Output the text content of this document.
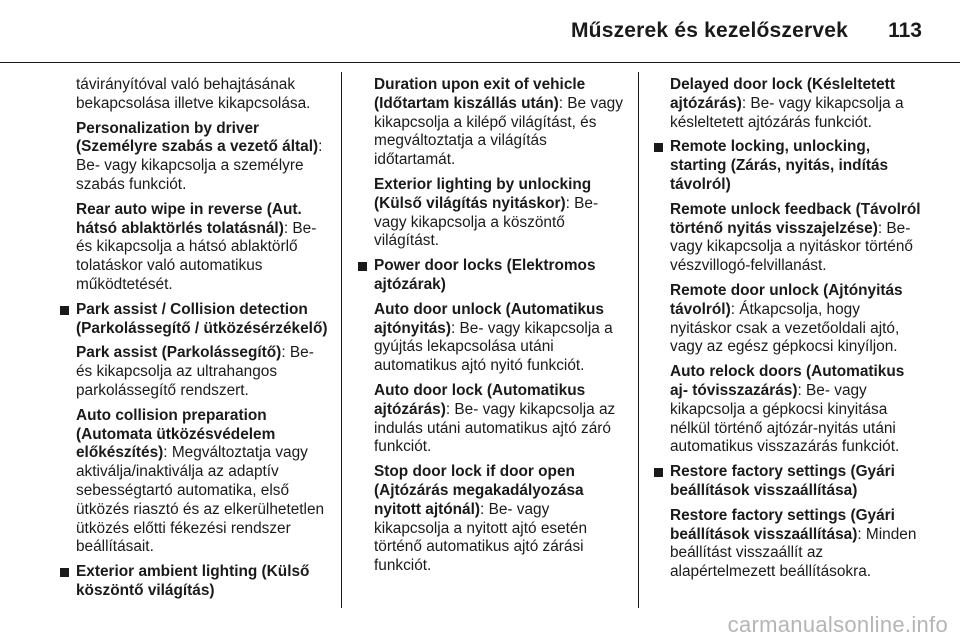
Műszerek és kezelőszervek 113

távirányítóval való behajtásának bekapcsolása illetve kikapcsolása.

Personalization by driver (Személyre szabás a vezető által): Be- vagy kikapcsolja a személyre szabás funkciót.

Rear auto wipe in reverse (Aut. hátsó ablaktörlés tolatásnál): Be- és kikapcsolja a hátsó ablaktörlő tolatáskor való automatikus működtetését.

Park assist / Collision detection (Parkolássegítő / ütközésérzékelő)

Park assist (Parkolássegítő): Be- és kikapcsolja az ultrahangos parkolássegítő rendszert.

Auto collision preparation (Automata ütközésvédelem előkészítés): Megváltoztatja vagy aktiválja/inaktiválja az adaptív sebességtartó automatika, első ütközés riasztó és az elkerülhetetlen ütközés előtti fékezési rendszer beállításait.

Exterior ambient lighting (Külső köszöntő világítás)

Duration upon exit of vehicle (Időtartam kiszállás után): Be vagy kikapcsolja a kilépő világítást, és megváltoztatja a világítás időtartamát.

Exterior lighting by unlocking (Külső világítás nyitáskor): Be- vagy kikapcsolja a köszöntő világítást.

Power door locks (Elektromos ajtózárak)

Auto door unlock (Automatikus ajtónyitás): Be- vagy kikapcsolja a gyújtás lekapcsolása utáni automatikus ajtó nyitó funkciót.

Auto door lock (Automatikus ajtózárás): Be- vagy kikapcsolja az indulás utáni automatikus ajtó záró funkciót.

Stop door lock if door open (Ajtózárás megakadályozása nyitott ajtónál): Be- vagy kikapcsolja a nyitott ajtó esetén történő automatikus ajtó zárási funkciót.

Delayed door lock (Késleltetett ajtózárás): Be- vagy kikapcsolja a késleltetett ajtózárás funkciót.

Remote locking, unlocking, starting (Zárás, nyitás, indítás távolról)

Remote unlock feedback (Távolról történő nyitás visszajelzése): Be- vagy kikapcsolja a nyitáskor történő vészvillogó-felvillanást.

Remote door unlock (Ajtónyitás távolról): Átkapcsolja, hogy nyitáskor csak a vezetőoldali ajtó, vagy az egész gépkocsi kinyíljon.

Auto relock doors (Automatikus aj- tóvisszazárás): Be- vagy kikapcsolja a gépkocsi kinyitása nélkül történő ajtózár-nyitás utáni automatikus visszazárás funkciót.

Restore factory settings (Gyári beállítások visszaállítása)

Restore factory settings (Gyári beállítások visszaállítása): Minden beállítást visszaállít az alapértelmezett beállításokra.

carmanualsonline.info
